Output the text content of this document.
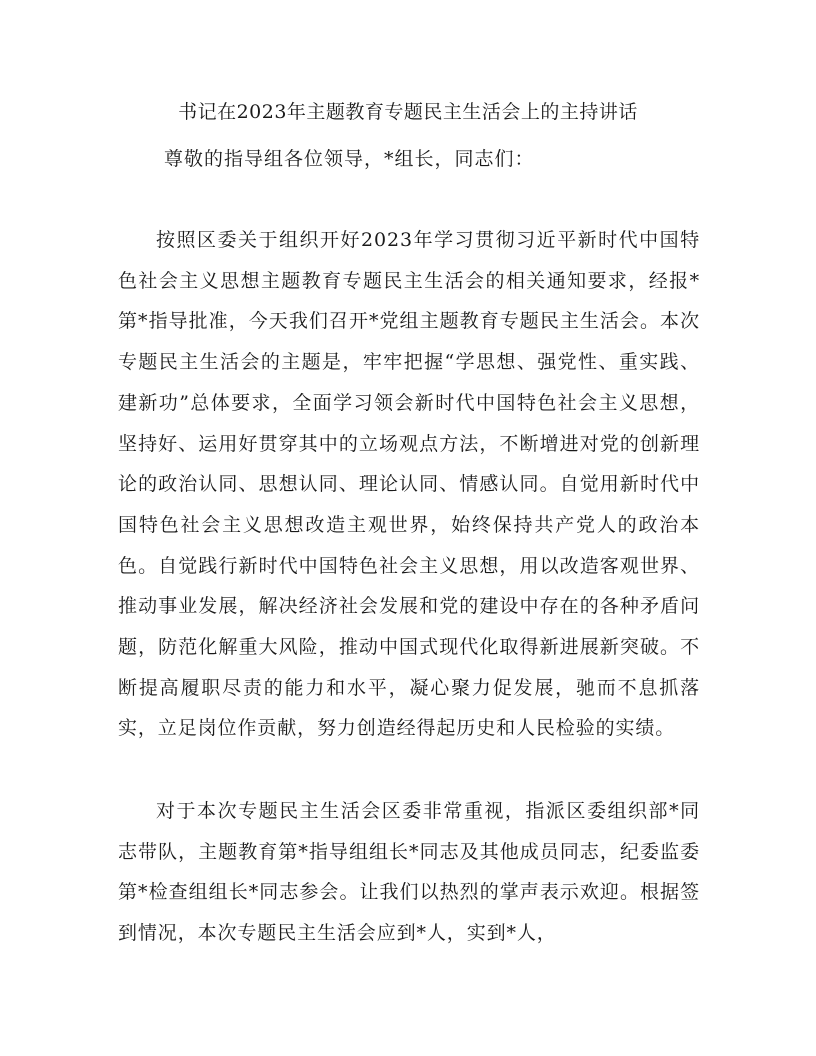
书记在2023年主题教育专题民主生活会上的主持讲话

尊敬的指导组各位领导，*组长，同志们：

按照区委关于组织开好2023年学习贯彻习近平新时代中国特色社会主义思想主题教育专题民主生活会的相关通知要求，经报*第*指导批准，今天我们召开*党组主题教育专题民主生活会。本次专题民主生活会的主题是，牢牢把握“学思想、强党性、重实践、建新功”总体要求，全面学习领会新时代中国特色社会主义思想，坚持好、运用好贯穿其中的立场观点方法，不断增进对党的创新理论的政治认同、思想认同、理论认同、情感认同。自觉用新时代中国特色社会主义思想改造主观世界，始终保持共产党人的政治本色。自觉践行新时代中国特色社会主义思想，用以改造客观世界、推动事业发展，解决经济社会发展和党的建设中存在的各种矛盾问题，防范化解重大风险，推动中国式现代化取得新进展新突破。不断提高履职尽责的能力和水平，凝心聚力促发展，驰而不息抓落实，立足岗位作贡献，努力创造经得起历史和人民检验的实绩。

对于本次专题民主生活会区委非常重视，指派区委组织部*同志带队，主题教育第*指导组组长*同志及其他成员同志，纪委监委第*检查组组长*同志参会。让我们以热烈的掌声表示欢迎。根据签到情况，本次专题民主生活会应到*人，实到*人，
